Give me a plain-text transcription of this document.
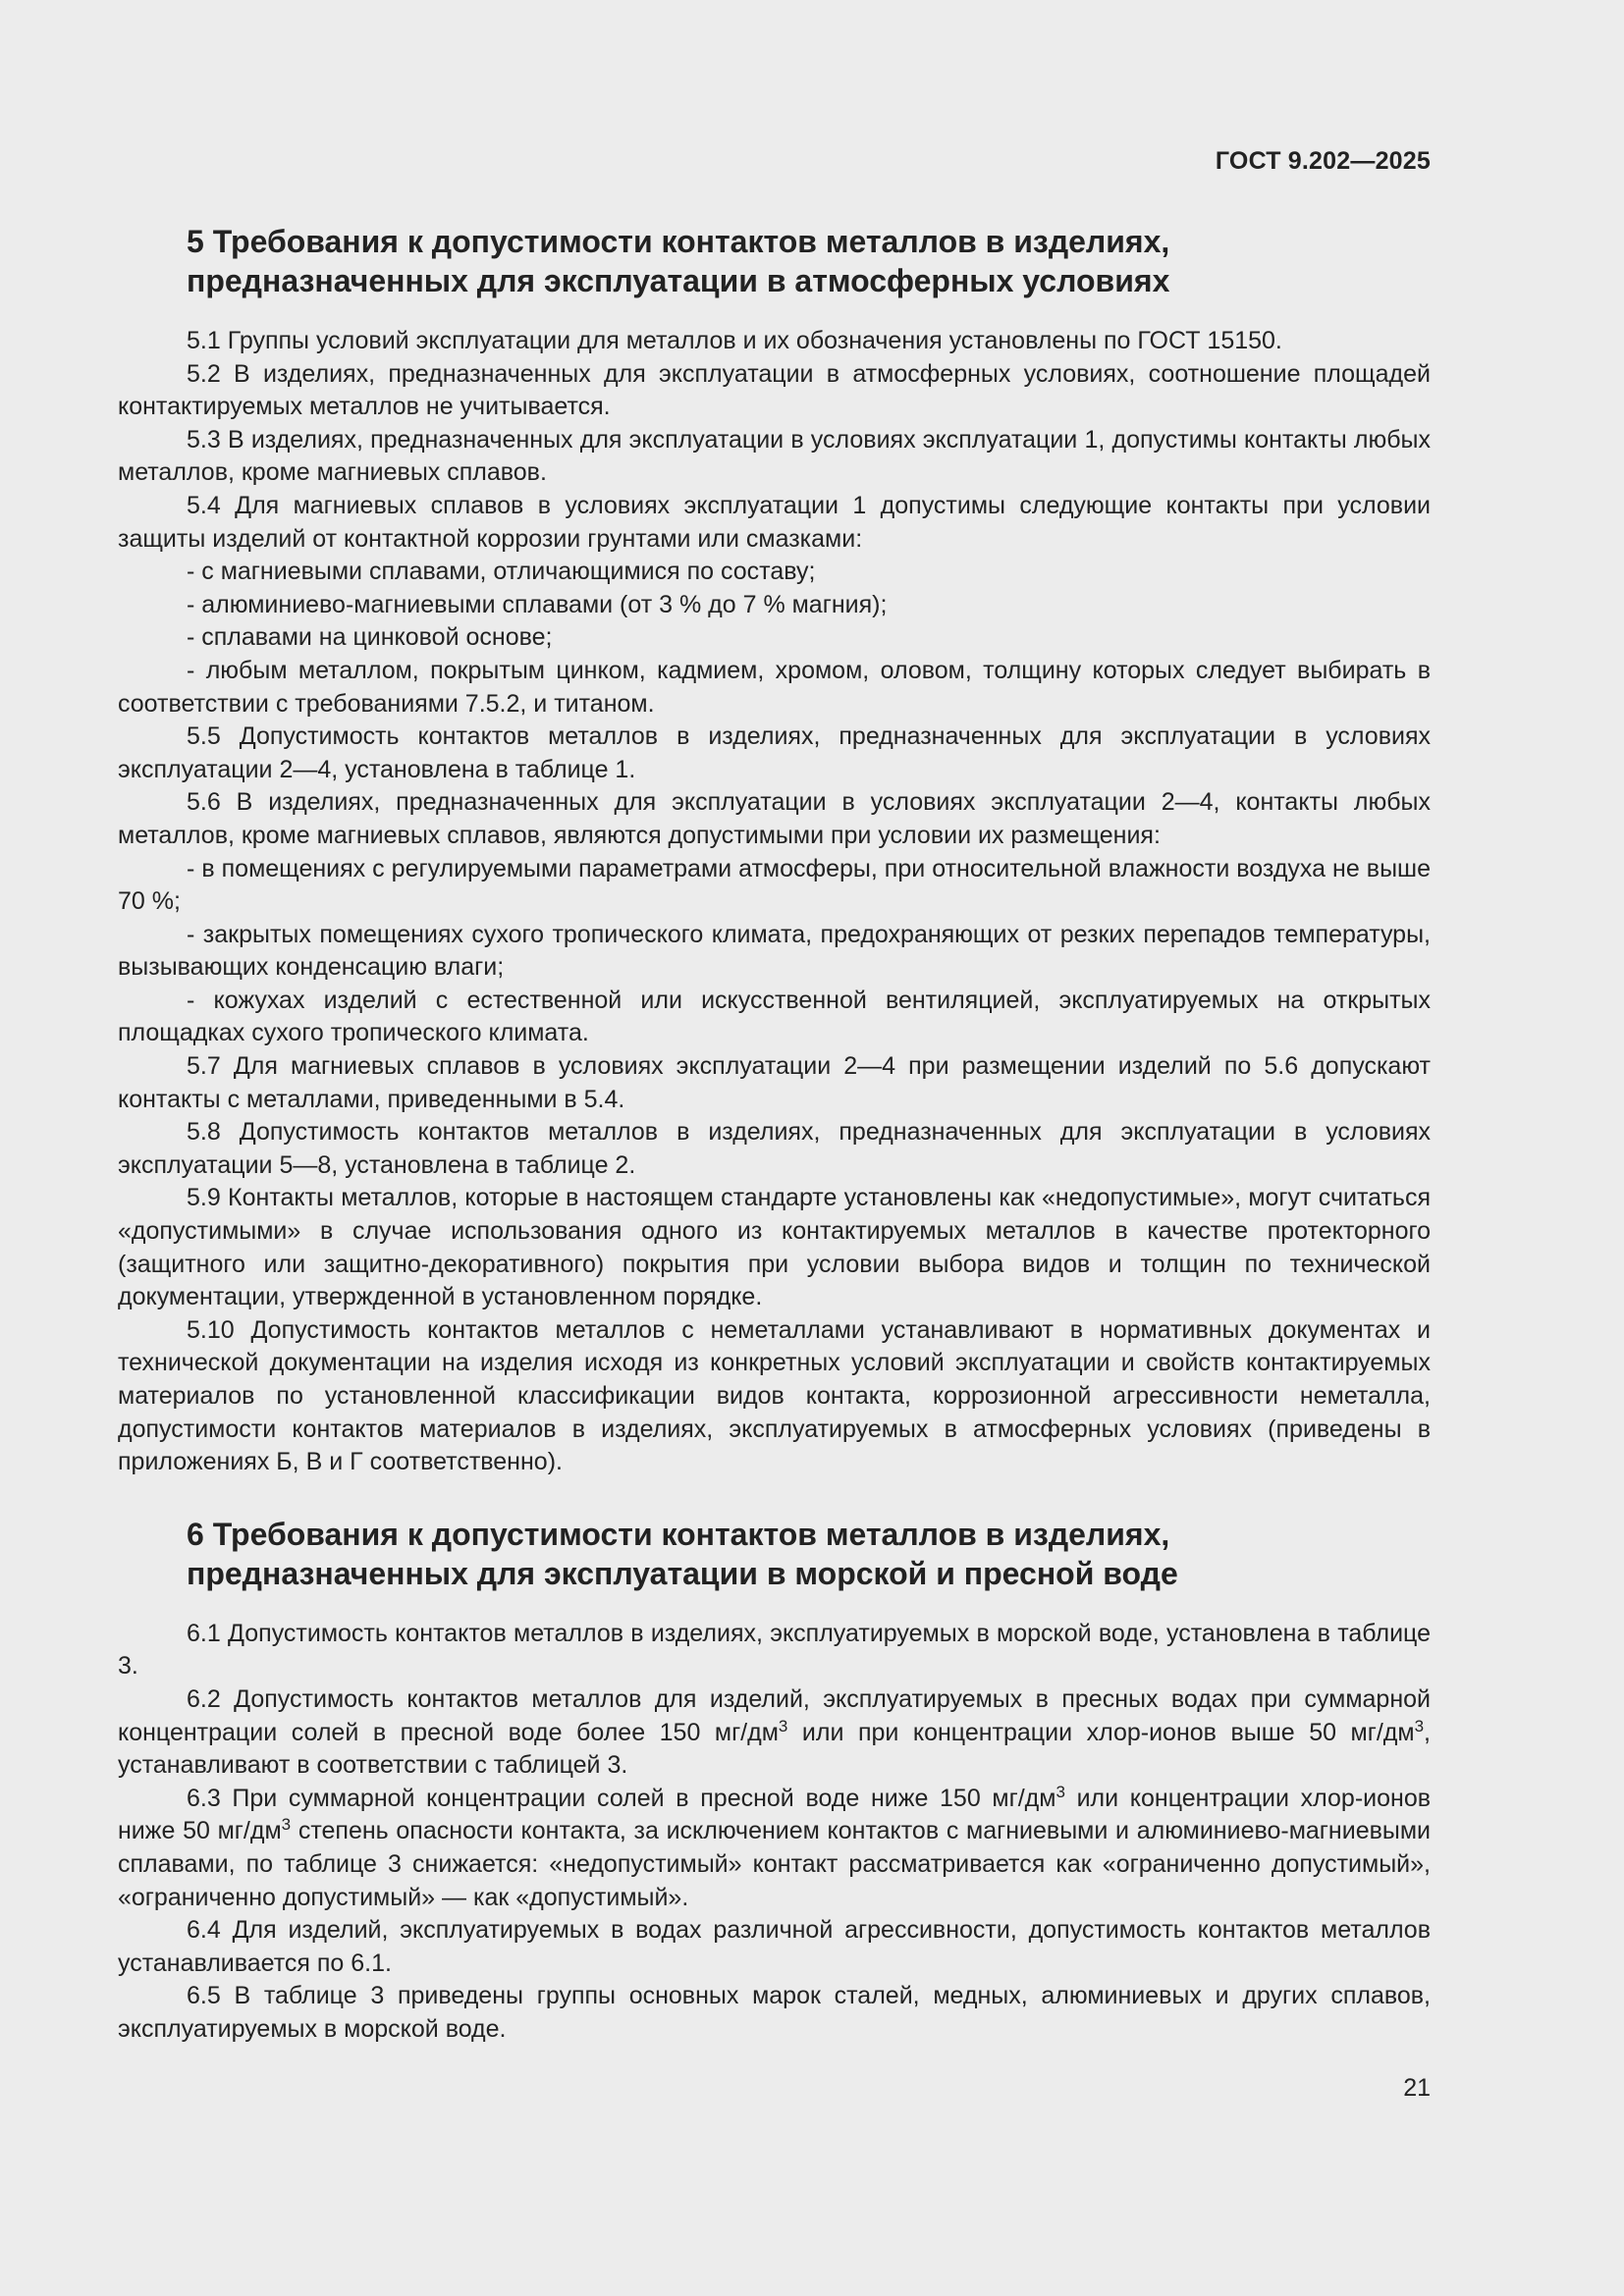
ГОСТ 9.202—2025
5 Требования к допустимости контактов металлов в изделиях,
предназначенных для эксплуатации в атмосферных условиях

5.1 Группы условий эксплуатации для металлов и их обозначения установлены по ГОСТ 15150.

5.2 В изделиях, предназначенных для эксплуатации в атмосферных условиях, соотношение площадей контактируемых металлов не учитывается.

5.3 В изделиях, предназначенных для эксплуатации в условиях эксплуатации 1, допустимы контакты любых металлов, кроме магниевых сплавов.

5.4 Для магниевых сплавов в условиях эксплуатации 1 допустимы следующие контакты при условии защиты изделий от контактной коррозии грунтами или смазками:

- с магниевыми сплавами, отличающимися по составу;

- алюминиево-магниевыми сплавами (от 3 % до 7 % магния);

- сплавами на цинковой основе;

- любым металлом, покрытым цинком, кадмием, хромом, оловом, толщину которых следует выбирать в соответствии с требованиями 7.5.2, и титаном.

5.5 Допустимость контактов металлов в изделиях, предназначенных для эксплуатации в условиях эксплуатации 2—4, установлена в таблице 1.

5.6 В изделиях, предназначенных для эксплуатации в условиях эксплуатации 2—4, контакты любых металлов, кроме магниевых сплавов, являются допустимыми при условии их размещения:

- в помещениях с регулируемыми параметрами атмосферы, при относительной влажности воздуха не выше 70 %;

- закрытых помещениях сухого тропического климата, предохраняющих от резких перепадов температуры, вызывающих конденсацию влаги;

- кожухах изделий с естественной или искусственной вентиляцией, эксплуатируемых на открытых площадках сухого тропического климата.

5.7 Для магниевых сплавов в условиях эксплуатации 2—4 при размещении изделий по 5.6 допускают контакты с металлами, приведенными в 5.4.

5.8 Допустимость контактов металлов в изделиях, предназначенных для эксплуатации в условиях эксплуатации 5—8, установлена в таблице 2.

5.9 Контакты металлов, которые в настоящем стандарте установлены как «недопустимые», могут считаться «допустимыми» в случае использования одного из контактируемых металлов в качестве протекторного (защитного или защитно-декоративного) покрытия при условии выбора видов и толщин по технической документации, утвержденной в установленном порядке.

5.10 Допустимость контактов металлов с неметаллами устанавливают в нормативных документах и технической документации на изделия исходя из конкретных условий эксплуатации и свойств контактируемых материалов по установленной классификации видов контакта, коррозионной агрессивности неметалла, допустимости контактов материалов в изделиях, эксплуатируемых в атмосферных условиях (приведены в приложениях Б, В и Г соответственно).

6 Требования к допустимости контактов металлов в изделиях,
предназначенных для эксплуатации в морской и пресной воде

6.1 Допустимость контактов металлов в изделиях, эксплуатируемых в морской воде, установлена в таблице 3.

6.2 Допустимость контактов металлов для изделий, эксплуатируемых в пресных водах при суммарной концентрации солей в пресной воде более 150 $мг/дм^3$ или при концентрации хлор-ионов выше 50 $мг/дм^3$, устанавливают в соответствии с таблицей 3.

6.3 При суммарной концентрации солей в пресной воде ниже 150 $мг/дм^3$ или концентрации хлор-ионов ниже 50 $мг/дм^3$ степень опасности контакта, за исключением контактов с магниевыми и алюминиево-магниевыми сплавами, по таблице 3 снижается: «недопустимый» контакт рассматривается как «ограниченно допустимый», «ограниченно допустимый» — как «допустимый».

6.4 Для изделий, эксплуатируемых в водах различной агрессивности, допустимость контактов металлов устанавливается по 6.1.

6.5 В таблице 3 приведены группы основных марок сталей, медных, алюминиевых и других сплавов, эксплуатируемых в морской воде.

21
